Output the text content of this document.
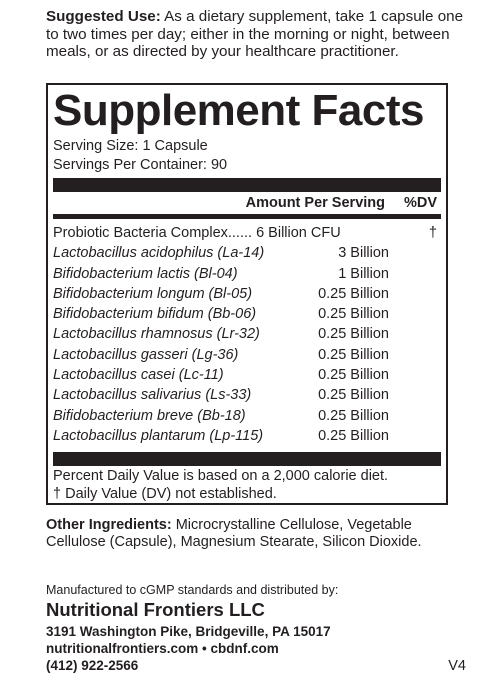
Suggested Use: As a dietary supplement, take 1 capsule one to two times per day; either in the morning or night, between meals, or as directed by your healthcare practitioner.
Supplement Facts
Serving Size: 1 Capsule
Servings Per Container: 90
Amount Per Serving %DV
Probiotic Bacteria Complex...... 6 Billion CFU	†
Lactobacillus acidophilus (La-14)	3 Billion
Bifidobacterium lactis (Bl-04)	1 Billion
Bifidobacterium longum (Bl-05)	0.25 Billion
Bifidobacterium bifidum (Bb-06)	0.25 Billion
Lactobacillus rhamnosus (Lr-32)	0.25 Billion
Lactobacillus gasseri (Lg-36)	0.25 Billion
Lactobacillus casei (Lc-11)	0.25 Billion
Lactobacillus salivarius (Ls-33)	0.25 Billion
Bifidobacterium breve (Bb-18)	0.25 Billion
Lactobacillus plantarum (Lp-115)	0.25 Billion
Percent Daily Value is based on a 2,000 calorie diet.
† Daily Value (DV) not established.
Other Ingredients: Microcrystalline Cellulose, Vegetable Cellulose (Capsule), Magnesium Stearate, Silicon Dioxide.
Manufactured to cGMP standards and distributed by:
Nutritional Frontiers LLC
3191 Washington Pike, Bridgeville, PA 15017
nutritionalfrontiers.com • cbdnf.com
(412) 922-2566	V4
